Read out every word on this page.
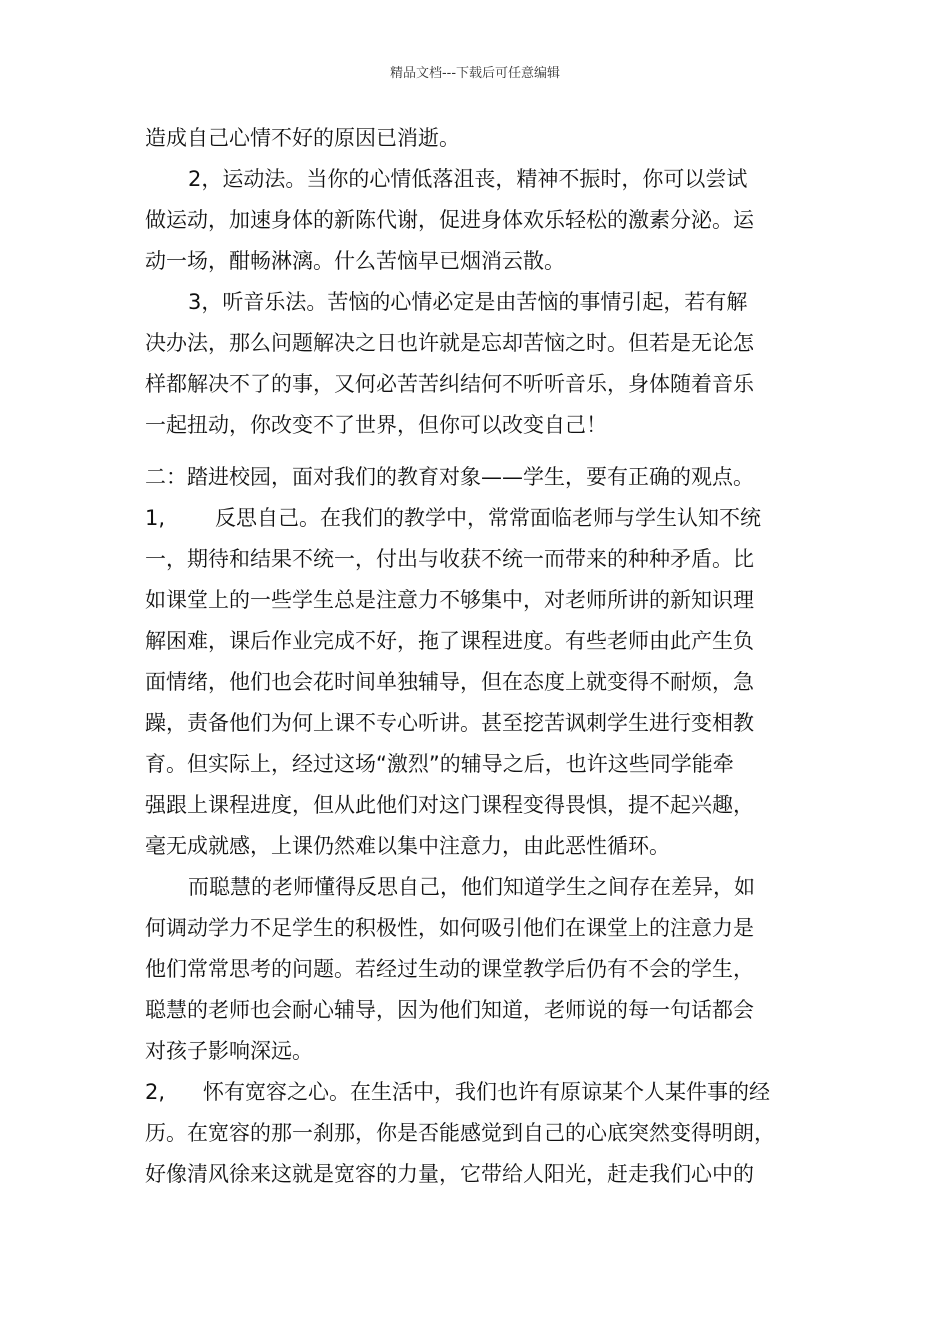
精品文档---下载后可任意编辑
造成自己心情不好的原因已消逝。
2，运动法。当你的心情低落沮丧，精神不振时，你可以尝试
做运动，加速身体的新陈代谢，促进身体欢乐轻松的激素分泌。运
动一场，酣畅淋漓。什么苦恼早已烟消云散。
3，听音乐法。苦恼的心情必定是由苦恼的事情引起，若有解
决办法，那么问题解决之日也许就是忘却苦恼之时。但若是无论怎
样都解决不了的事，又何必苦苦纠结何不听听音乐，身体随着音乐
一起扭动，你改变不了世界，但你可以改变自己！
二：踏进校园，面对我们的教育对象——学生，要有正确的观点。
1, 反思自己。在我们的教学中，常常面临老师与学生认知不统
一，期待和结果不统一，付出与收获不统一而带来的种种矛盾。比
如课堂上的一些学生总是注意力不够集中，对老师所讲的新知识理
解困难，课后作业完成不好，拖了课程进度。有些老师由此产生负
面情绪，他们也会花时间单独辅导，但在态度上就变得不耐烦，急
躁，责备他们为何上课不专心听讲。甚至挖苦讽刺学生进行变相教
育。但实际上，经过这场“激烈”的辅导之后，也许这些同学能牵
强跟上课程进度，但从此他们对这门课程变得畏惧，提不起兴趣，
毫无成就感，上课仍然难以集中注意力，由此恶性循环。
而聪慧的老师懂得反思自己，他们知道学生之间存在差异，如
何调动学力不足学生的积极性，如何吸引他们在课堂上的注意力是
他们常常思考的问题。若经过生动的课堂教学后仍有不会的学生，
聪慧的老师也会耐心辅导，因为他们知道，老师说的每一句话都会
对孩子影响深远。
2, 怀有宽容之心。在生活中，我们也许有原谅某个人某件事的经
历。在宽容的那一刹那，你是否能感觉到自己的心底突然变得明朗，
好像清风徐来这就是宽容的力量，它带给人阳光，赶走我们心中的
